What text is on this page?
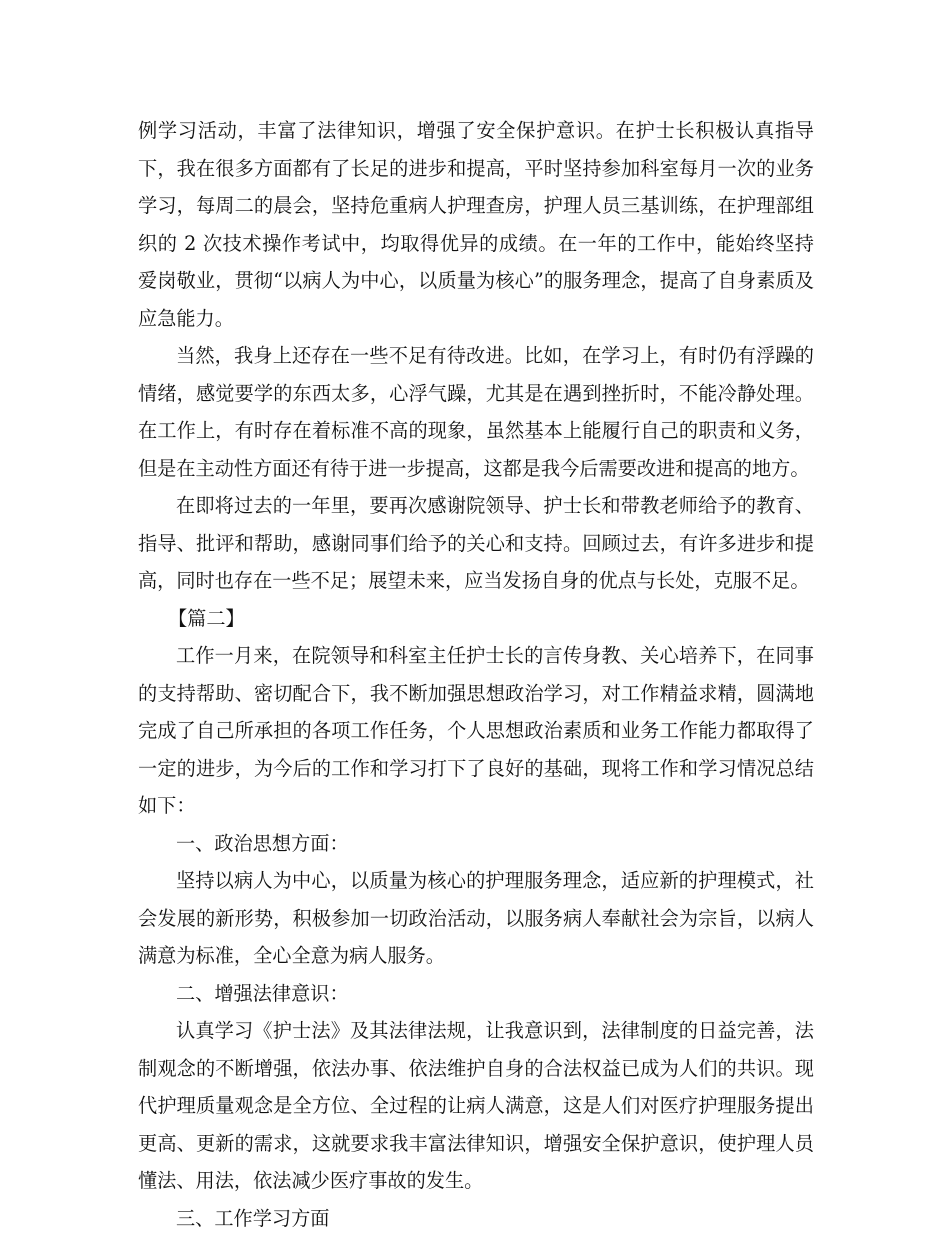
例学习活动，丰富了法律知识，增强了安全保护意识。在护士长积极认真指导下，我在很多方面都有了长足的进步和提高，平时坚持参加科室每月一次的业务学习，每周二的晨会，坚持危重病人护理查房，护理人员三基训练，在护理部组织的 2 次技术操作考试中，均取得优异的成绩。在一年的工作中，能始终坚持爱岗敬业，贯彻“以病人为中心，以质量为核心”的服务理念，提高了自身素质及应急能力。

当然，我身上还存在一些不足有待改进。比如，在学习上，有时仍有浮躁的情绪，感觉要学的东西太多，心浮气躁，尤其是在遇到挫折时，不能冷静处理。在工作上，有时存在着标准不高的现象，虽然基本上能履行自己的职责和义务，但是在主动性方面还有待于进一步提高，这都是我今后需要改进和提高的地方。

在即将过去的一年里，要再次感谢院领导、护士长和带教老师给予的教育、指导、批评和帮助，感谢同事们给予的关心和支持。回顾过去，有许多进步和提高，同时也存在一些不足；展望未来，应当发扬自身的优点与长处，克服不足。

【篇二】

工作一月来，在院领导和科室主任护士长的言传身教、关心培养下，在同事的支持帮助、密切配合下，我不断加强思想政治学习，对工作精益求精，圆满地完成了自己所承担的各项工作任务，个人思想政治素质和业务工作能力都取得了一定的进步，为今后的工作和学习打下了良好的基础，现将工作和学习情况总结如下：

一、政治思想方面：

坚持以病人为中心，以质量为核心的护理服务理念，适应新的护理模式，社会发展的新形势，积极参加一切政治活动，以服务病人奉献社会为宗旨，以病人满意为标准，全心全意为病人服务。

二、增强法律意识：

认真学习《护士法》及其法律法规，让我意识到，法律制度的日益完善，法制观念的不断增强，依法办事、依法维护自身的合法权益已成为人们的共识。现代护理质量观念是全方位、全过程的让病人满意，这是人们对医疗护理服务提出更高、更新的需求，这就要求我丰富法律知识，增强安全保护意识，使护理人员懂法、用法，依法减少医疗事故的发生。

三、工作学习方面
